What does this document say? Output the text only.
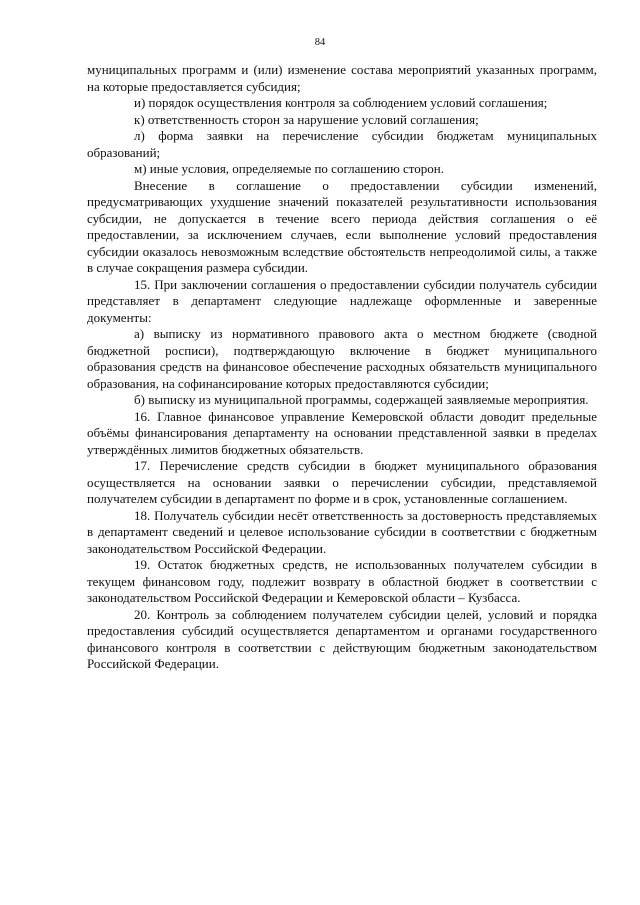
84

муниципальных программ и (или) изменение состава мероприятий указанных программ, на которые предоставляется субсидия;

и) порядок осуществления контроля за соблюдением условий соглашения;

к) ответственность сторон за нарушение условий соглашения;

л) форма заявки на перечисление субсидии бюджетам муниципальных образований;

м) иные условия, определяемые по соглашению сторон.

Внесение в соглашение о предоставлении субсидии изменений, предусматривающих ухудшение значений показателей результативности использования субсидии, не допускается в течение всего периода действия соглашения о её предоставлении, за исключением случаев, если выполнение условий предоставления субсидии оказалось невозможным вследствие обстоятельств непреодолимой силы, а также в случае сокращения размера субсидии.

15. При заключении соглашения о предоставлении субсидии получатель субсидии представляет в департамент следующие надлежаще оформленные и заверенные документы:

а) выписку из нормативного правового акта о местном бюджете (сводной бюджетной росписи), подтверждающую включение в бюджет муниципального образования средств на финансовое обеспечение расходных обязательств муниципального образования, на софинансирование которых предоставляются субсидии;

б) выписку из муниципальной программы, содержащей заявляемые мероприятия.

16. Главное финансовое управление Кемеровской области доводит предельные объёмы финансирования департаменту на основании представленной заявки в пределах утверждённых лимитов бюджетных обязательств.

17. Перечисление средств субсидии в бюджет муниципального образования осуществляется на основании заявки о перечислении субсидии, представляемой получателем субсидии в департамент по форме и в срок, установленные соглашением.

18. Получатель субсидии несёт ответственность за достоверность представляемых в департамент сведений и целевое использование субсидии в соответствии с бюджетным законодательством Российской Федерации.

19. Остаток бюджетных средств, не использованных получателем субсидии в текущем финансовом году, подлежит возврату в областной бюджет в соответствии с законодательством Российской Федерации и Кемеровской области – Кузбасса.

20. Контроль за соблюдением получателем субсидии целей, условий и порядка предоставления субсидий осуществляется департаментом и органами государственного финансового контроля в соответствии с действующим бюджетным законодательством Российской Федерации.
